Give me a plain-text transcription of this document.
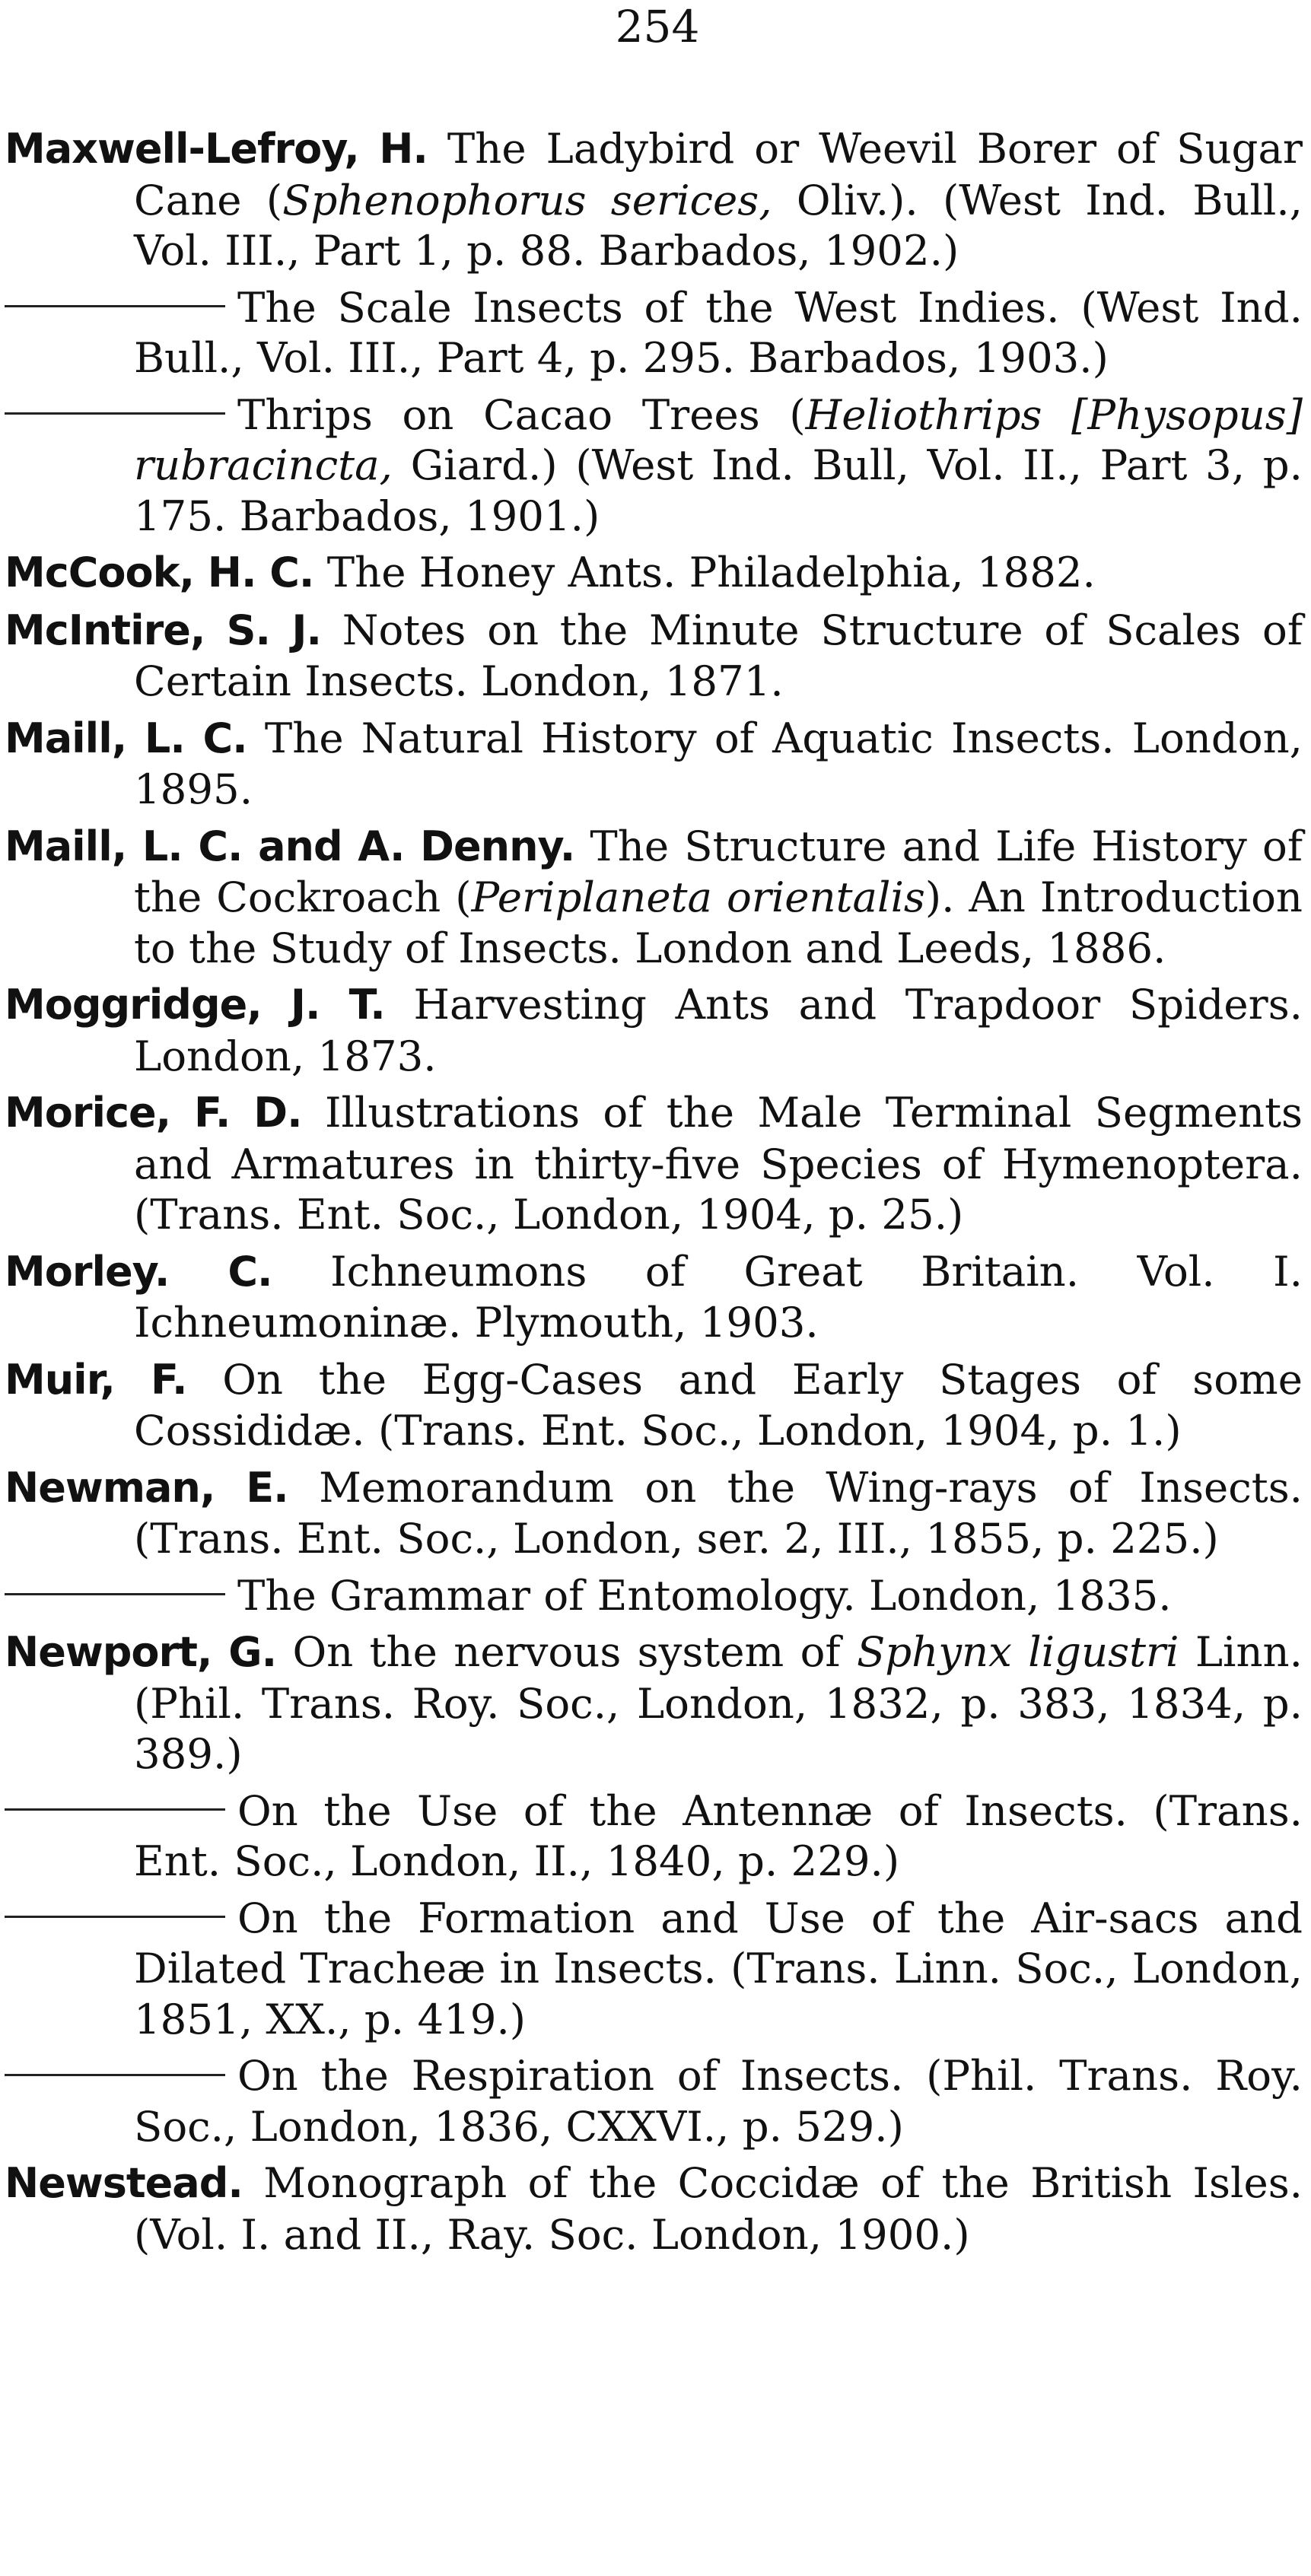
254

Maxwell-Lefroy, H. The Ladybird or Weevil Borer of Sugar Cane (Sphenophorus serices, Oliv.). (West Ind. Bull., Vol. III., Part 1, p. 88. Barbados, 1902.)

The Scale Insects of the West Indies. (West Ind. Bull., Vol. III., Part 4, p. 295. Barbados, 1903.)

Thrips on Cacao Trees (Heliothrips [Physopus] rubracincta, Giard.) (West Ind. Bull, Vol. II., Part 3, p. 175. Barbados, 1901.)

McCook, H. C. The Honey Ants. Philadelphia, 1882.

McIntire, S. J. Notes on the Minute Structure of Scales of Certain Insects. London, 1871.

Maill, L. C. The Natural History of Aquatic Insects. London, 1895.

Maill, L. C. and A. Denny. The Structure and Life History of the Cockroach (Periplaneta orientalis). An Introduction to the Study of Insects. London and Leeds, 1886.

Moggridge, J. T. Harvesting Ants and Trapdoor Spiders. London, 1873.

Morice, F. D. Illustrations of the Male Terminal Segments and Armatures in thirty-five Species of Hymenoptera. (Trans. Ent. Soc., London, 1904, p. 25.)

Morley. C. Ichneumons of Great Britain. Vol. I. Ichneumoninæ. Plymouth, 1903.

Muir, F. On the Egg-Cases and Early Stages of some Cossididæ. (Trans. Ent. Soc., London, 1904, p. 1.)

Newman, E. Memorandum on the Wing-rays of Insects. (Trans. Ent. Soc., London, ser. 2, III., 1855, p. 225.)

The Grammar of Entomology. London, 1835.

Newport, G. On the nervous system of Sphynx ligustri Linn. (Phil. Trans. Roy. Soc., London, 1832, p. 383, 1834, p. 389.)

On the Use of the Antennæ of Insects. (Trans. Ent. Soc., London, II., 1840, p. 229.)

On the Formation and Use of the Air-sacs and Dilated Tracheæ in Insects. (Trans. Linn. Soc., London, 1851, XX., p. 419.)

On the Respiration of Insects. (Phil. Trans. Roy. Soc., London, 1836, CXXVI., p. 529.)

Newstead. Monograph of the Coccidæ of the British Isles. (Vol. I. and II., Ray. Soc. London, 1900.)
